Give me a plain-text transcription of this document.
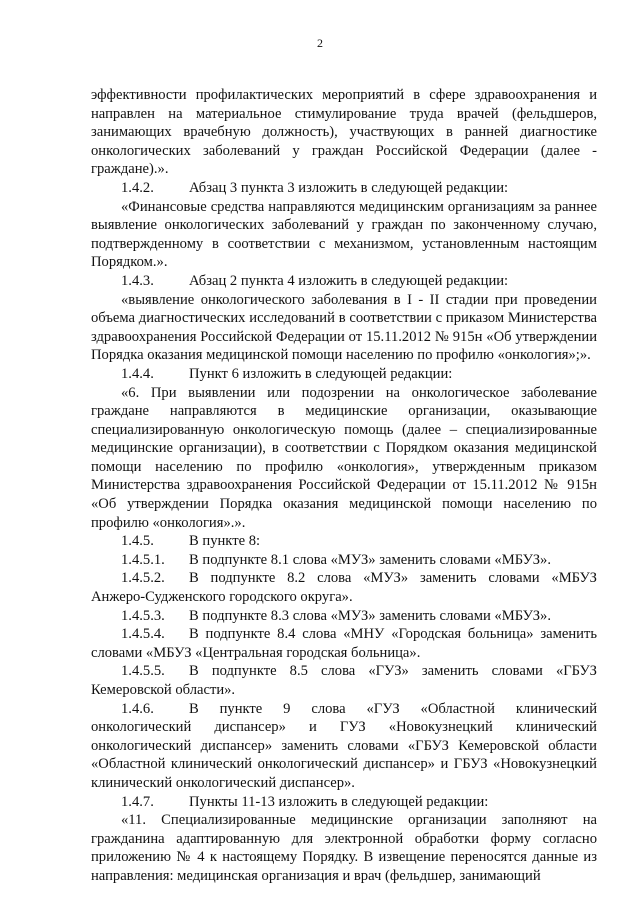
2

эффективности профилактических мероприятий в сфере здравоохранения и направлен на материальное стимулирование труда врачей (фельдшеров, занимающих врачебную должность), участвующих в ранней диагностике онкологических заболеваний у граждан Российской Федерации (далее - граждане).».

1.4.2. Абзац 3 пункта 3 изложить в следующей редакции:

«Финансовые средства направляются медицинским организациям за раннее выявление онкологических заболеваний у граждан по законченному случаю, подтвержденному в соответствии с механизмом, установленным настоящим Порядком.».

1.4.3. Абзац 2 пункта 4 изложить в следующей редакции:

«выявление онкологического заболевания в I - II стадии при проведении объема диагностических исследований в соответствии с приказом Министерства здравоохранения Российской Федерации от 15.11.2012 № 915н «Об утверждении Порядка оказания медицинской помощи населению по профилю «онкология»;».

1.4.4. Пункт 6 изложить в следующей редакции:

«6. При выявлении или подозрении на онкологическое заболевание граждане направляются в медицинские организации, оказывающие специализированную онкологическую помощь (далее – специализированные медицинские организации), в соответствии с Порядком оказания медицинской помощи населению по профилю «онкология», утвержденным приказом Министерства здравоохранения Российской Федерации от 15.11.2012 № 915н «Об утверждении Порядка оказания медицинской помощи населению по профилю «онкология».».

1.4.5. В пункте 8:

1.4.5.1. В подпункте 8.1 слова «МУЗ» заменить словами «МБУЗ».

1.4.5.2. В подпункте 8.2 слова «МУЗ» заменить словами «МБУЗ Анжеро-Судженского городского округа».

1.4.5.3. В подпункте 8.3 слова «МУЗ» заменить словами «МБУЗ».

1.4.5.4. В подпункте 8.4 слова «МНУ «Городская больница» заменить словами «МБУЗ «Центральная городская больница».

1.4.5.5. В подпункте 8.5 слова «ГУЗ» заменить словами «ГБУЗ Кемеровской области».

1.4.6. В пункте 9 слова «ГУЗ «Областной клинический онкологический диспансер» и ГУЗ «Новокузнецкий клинический онкологический диспансер» заменить словами «ГБУЗ Кемеровской области «Областной клинический онкологический диспансер» и ГБУЗ «Новокузнецкий клинический онкологический диспансер».

1.4.7. Пункты 11-13 изложить в следующей редакции:

«11. Специализированные медицинские организации заполняют на гражданина адаптированную для электронной обработки форму согласно приложению № 4 к настоящему Порядку. В извещение переносятся данные из направления: медицинская организация и врач (фельдшер, занимающий
